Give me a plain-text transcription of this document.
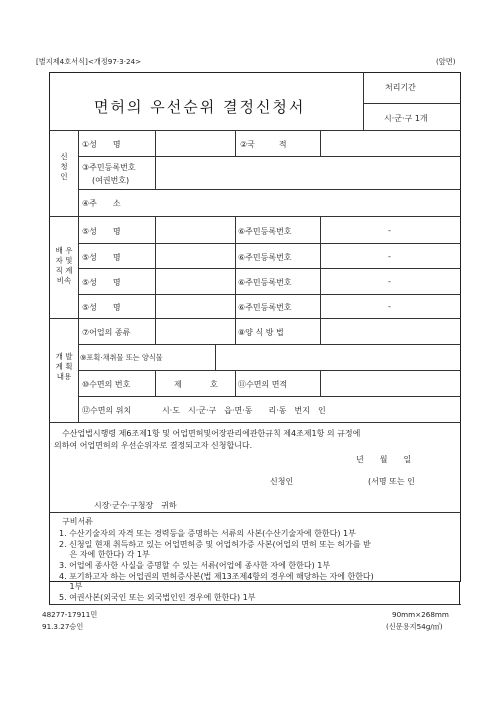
[별지제4호서식]<개정97·3·24>	(앞면)
면허의 우선순위 결정신청서
처리기간
시·군·구 1개
신
청
인
①성　　명	②국　　　적
③주민등록번호
(여권번호)
④주　　소
배 우
자 및
직 계
비속
⑤성　　명	⑥주민등록번호	-
⑤성　　명	⑥주민등록번호	-
⑤성　　명	⑥주민등록번호	-
⑤성　　명	⑥주민등록번호	-
개 발
계 획
내용
⑦어업의 종류	⑧양 식 방 법
⑨포획·채취물 또는 양식물
⑩수면의 번호	제	호	⑪수면의 면적
⑫수면의 위치	시·도　시·군·구　읍·면·동　　리·동　번지　인
수산업법시행령 제6조제1항 및 어업면허및어장관리에관한규칙 제4조제1항 의 규정에
의하여 어업면허의 우선순위자로 결정되고자 신청합니다.
년　　월　　일
신청인	(서명 또는 인
시장·군수·구청장　귀하
구비서류
1. 수산기술자의 자격 또는 경력등을 증명하는 서류의 사본(수산기술자에 한한다) 1부
2. 신청일 현재 취득하고 있는 어업면허증 및 어업허가증 사본(어업의 면허 또는 허가를 받
　 은 자에 한한다) 각 1부
3. 어업에 종사한 사실을 증명할 수 있는 서류(어업에 종사한 자에 한한다) 1부
4. 포기하고자 하는 어업권의 면허증사본(법 제13조제4항의 경우에 해당하는 자에 한한다)
　 1부
5. 여권사본(외국인 또는 외국법인인 경우에 한한다) 1부
48277-17911민
91.3.27승인
90mm×268mm
(신문용지54g/㎡)
